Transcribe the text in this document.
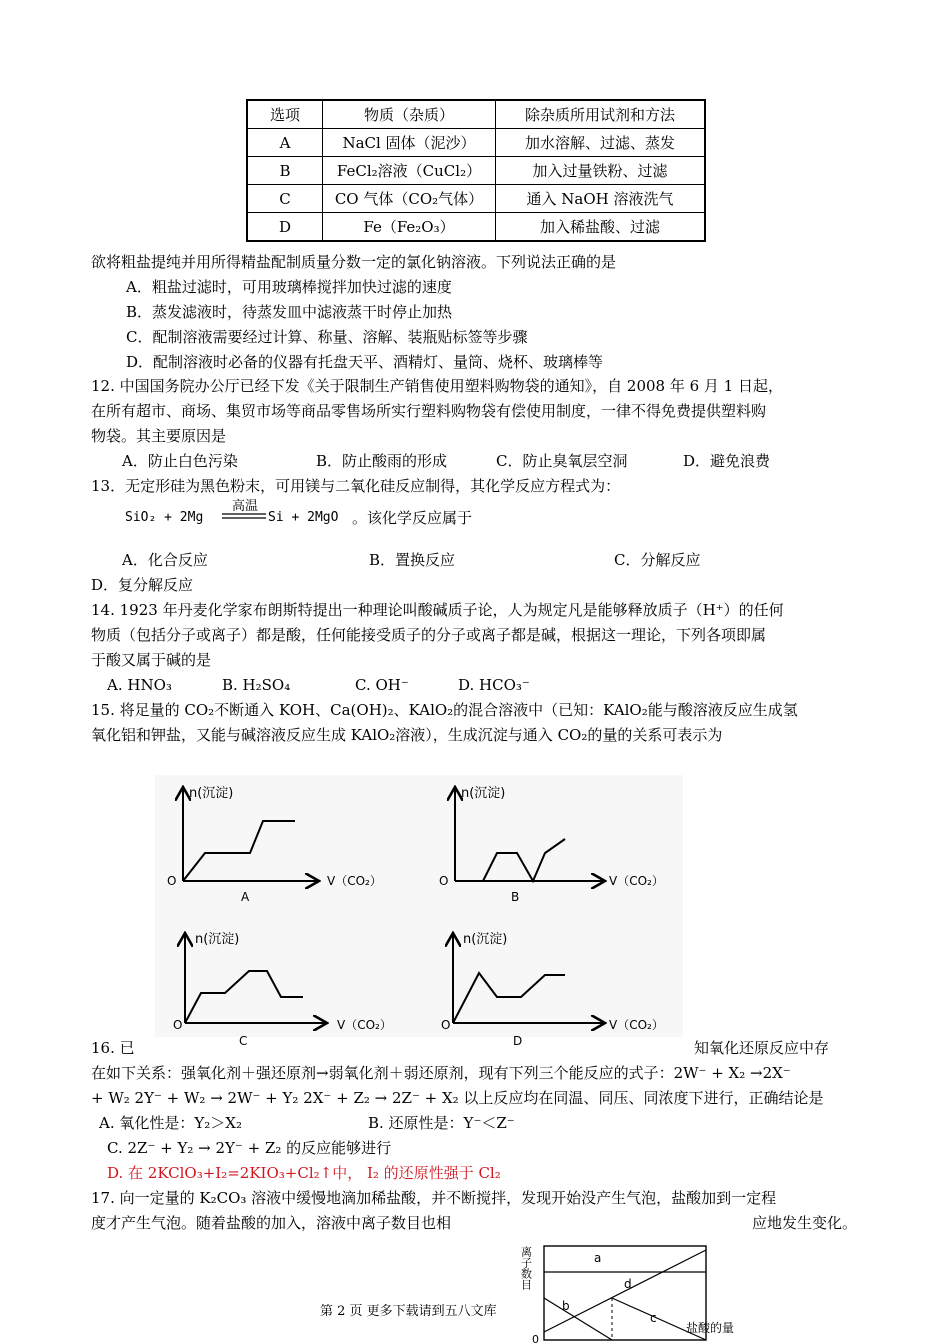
选项	物质（杂质）	除杂质所用试剂和方法
A	NaCl 固体（泥沙）	加水溶解、过滤、蒸发
B	FeCl₂溶液（CuCl₂）	加入过量铁粉、过滤
C	CO 气体（CO₂气体）	通入 NaOH 溶液洗气
D	Fe（Fe₂O₃）	加入稀盐酸、过滤
欲将粗盐提纯并用所得精盐配制质量分数一定的氯化钠溶液。下列说法正确的是
A．粗盐过滤时，可用玻璃棒搅拌加快过滤的速度
B．蒸发滤液时，待蒸发皿中滤液蒸干时停止加热
C．配制溶液需要经过计算、称量、溶解、装瓶贴标签等步骤
D．配制溶液时必备的仪器有托盘天平、酒精灯、量筒、烧杯、玻璃棒等
12. 中国国务院办公厅已经下发《关于限制生产销售使用塑料购物袋的通知》，自 2008 年 6 月 1 日起，
在所有超市、商场、集贸市场等商品零售场所实行塑料购物袋有偿使用制度，一律不得免费提供塑料购
物袋。其主要原因是
A．防止白色污染	B．防止酸雨的形成	C．防止臭氧层空洞	D．避免浪费
13．无定形硅为黑色粉末，可用镁与二氧化硅反应制得，其化学反应方程式为：
SiO₂ + 2Mg
高温
Si + 2MgO 。该化学反应属于
A．化合反应	B．置换反应	C．分解反应
D．复分解反应
14. 1923 年丹麦化学家布朗斯特提出一种理论叫酸碱质子论，人为规定凡是能够释放质子（H⁺）的任何
物质（包括分子或离子）都是酸，任何能接受质子的分子或离子都是碱，根据这一理论，下列各项即属
于酸又属于碱的是
A. HNO₃	B. H₂SO₄	C. OH⁻	D. HCO₃⁻
15. 将足量的 CO₂不断通入 KOH、Ca(OH)₂、KAlO₂的混合溶液中（已知：KAlO₂能与酸溶液反应生成氢
氧化铝和钾盐，又能与碱溶液反应生成 KAlO₂溶液），生成沉淀与通入 CO₂的量的关系可表示为
n(沉淀)
O	V（CO₂）
A
n(沉淀)
O	V（CO₂）
B
n(沉淀)
O	V（CO₂）
C
n(沉淀)
O	V（CO₂）
D
16. 已	知氧化还原反应中存
在如下关系：强氧化剂＋强还原剂→弱氧化剂＋弱还原剂，现有下列三个能反应的式子：2W⁻ + X₂ →2X⁻
+ W₂ 2Y⁻ + W₂ → 2W⁻ + Y₂ 2X⁻ + Z₂ → 2Z⁻ + X₂ 以上反应均在同温、同压、同浓度下进行，正确结论是
A. 氧化性是：Y₂＞X₂	B. 还原性是：Y⁻＜Z⁻
C. 2Z⁻ + Y₂ → 2Y⁻ + Z₂ 的反应能够进行
D. 在 2KClO₃+I₂=2KIO₃+Cl₂↑中， I₂ 的还原性强于 Cl₂
17. 向一定量的 K₂CO₃ 溶液中缓慢地滴加稀盐酸，并不断搅拌，发现开始没产生气泡，盐酸加到一定程
度才产生气泡。随着盐酸的加入，溶液中离子数目也相	应地发生变化。
a
b
c
d
0
盐酸的量
离子数目
第 2 页 更多下载请到五八文库
